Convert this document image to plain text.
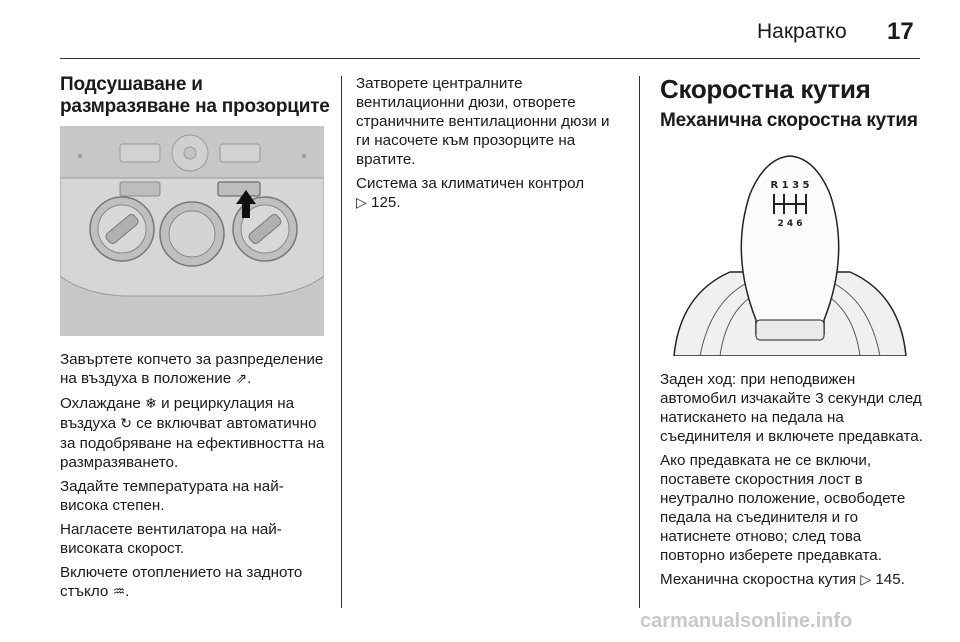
Накратко 17
Подсушаване и размразяване на прозорците

Завъртете копчето за разпределение на въздуха в положение ⇗.

Охлаждане ❄ и рециркулация на въздуха ↻ се включват автоматично за подобряване на ефективността на размразяването.

Задайте температурата на най-висока степен.

Нагласете вентилатора на най-високата скорост.

Включете отоплението на задното стъкло ♒.

Затворете централните вентилационни дюзи, отворете страничните вентилационни дюзи и ги насочете към прозорците на вратите.

Система за климатичен контрол
▷ 125.

Скоростна кутия
Механична скоростна кутия
R 1 3 5
2 4 6

Заден ход: при неподвижен автомобил изчакайте 3 секунди след натискането на педала на съединителя и включете предавката.

Ако предавката не се включи, поставете скоростния лост в неутрално положение, освободете педала на съединителя и го натиснете отново; след това повторно изберете предавката.

Механична скоростна кутия ▷ 145.

carmanualsonline.info
